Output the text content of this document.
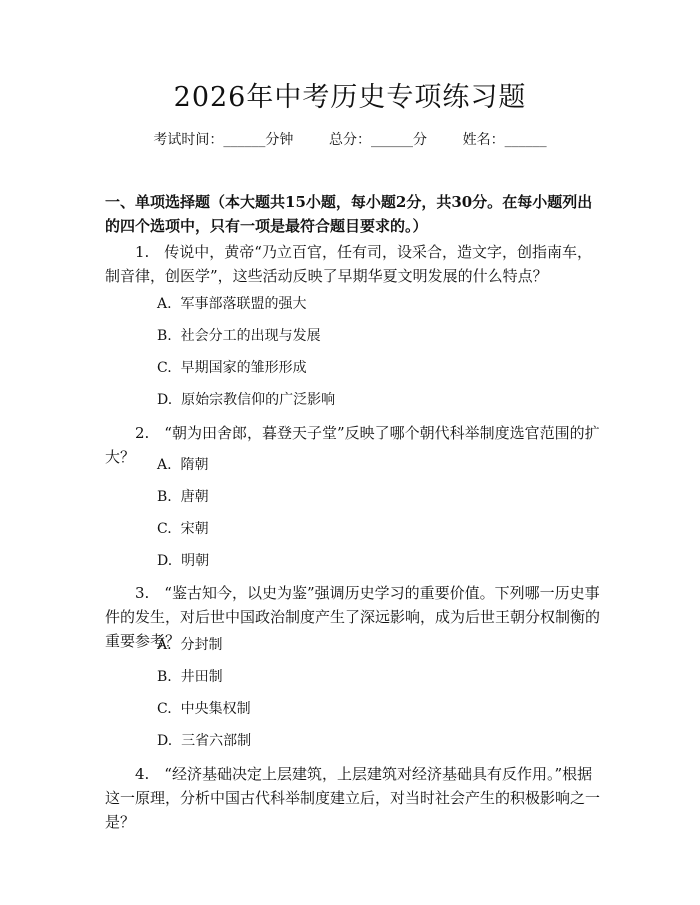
2026年中考历史专项练习题
考试时间：______分钟	总分：______分	姓名：______
一、单项选择题（本大题共15小题，每小题2分，共30分。在每小题列出的四个选项中，只有一项是最符合题目要求的。）
1.　传说中，黄帝“乃立百官，任有司，设采合，造文字，创指南车，制音律，创医学”，这些活动反映了早期华夏文明发展的什么特点？
A.  军事部落联盟的强大
B.  社会分工的出现与发展
C.  早期国家的雏形形成
D.  原始宗教信仰的广泛影响
2.　“朝为田舍郎，暮登天子堂”反映了哪个朝代科举制度选官范围的扩大？	A.  隋朝
B.  唐朝
C.  宋朝
D.  明朝
3.　“鉴古知今，以史为鉴”强调历史学习的重要价值。下列哪一历史事件的发生，对后世中国政治制度产生了深远影响，成为后世王朝分权制衡的重要参考？
A.  分封制
B.  井田制
C.  中央集权制
D.  三省六部制
4.　“经济基础决定上层建筑，上层建筑对经济基础具有反作用。”根据这一原理，分析中国古代科举制度建立后，对当时社会产生的积极影响之一是？
